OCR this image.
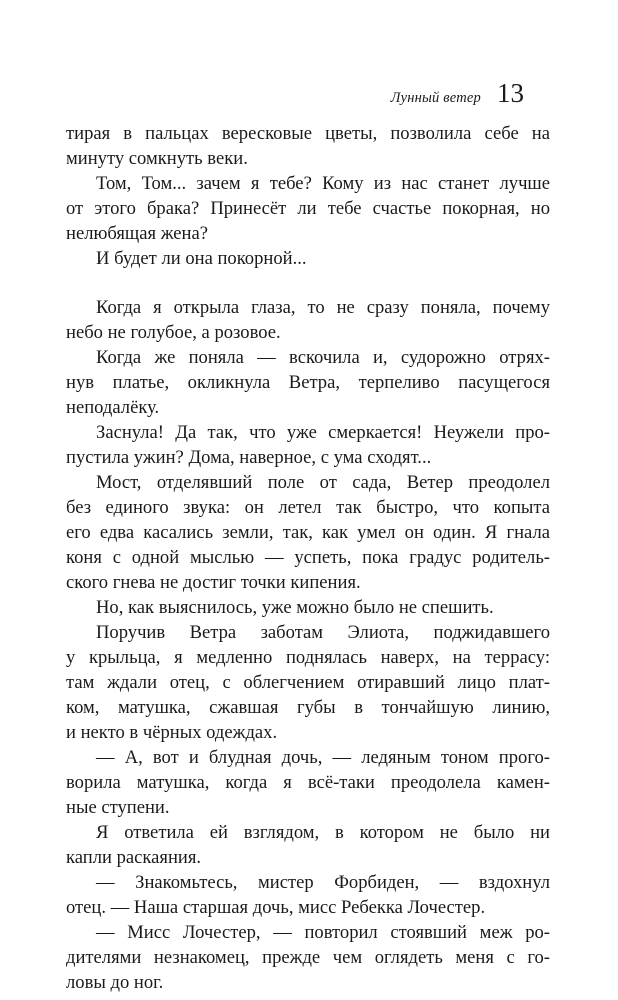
Лунный ветер 13
тирая в пальцах вересковые цветы, позволила себе на
минуту сомкнуть веки.
Том, Том... зачем я тебе? Кому из нас станет лучше
от этого брака? Принесёт ли тебе счастье покорная, но
нелюбящая жена?
И будет ли она покорной...
Когда я открыла глаза, то не сразу поняла, почему
небо не голубое, а розовое.
Когда же поняла — вскочила и, судорожно отрях-
нув платье, окликнула Ветра, терпеливо пасущегося
неподалёку.
Заснула! Да так, что уже смеркается! Неужели про-
пустила ужин? Дома, наверное, с ума сходят...
Мост, отделявший поле от сада, Ветер преодолел
без единого звука: он летел так быстро, что копыта
его едва касались земли, так, как умел он один. Я гнала
коня с одной мыслью — успеть, пока градус родитель-
ского гнева не достиг точки кипения.
Но, как выяснилось, уже можно было не спешить.
Поручив Ветра заботам Элиота, поджидавшего
у крыльца, я медленно поднялась наверх, на террасу:
там ждали отец, с облегчением отиравший лицо плат-
ком, матушка, сжавшая губы в тончайшую линию,
и некто в чёрных одеждах.
— А, вот и блудная дочь, — ледяным тоном прого-
ворила матушка, когда я всё-таки преодолела камен-
ные ступени.
Я ответила ей взглядом, в котором не было ни
капли раскаяния.
— Знакомьтесь, мистер Форбиден, — вздохнул
отец. — Наша старшая дочь, мисс Ребекка Лочестер.
— Мисс Лочестер, — повторил стоявший меж ро-
дителями незнакомец, прежде чем оглядеть меня с го-
ловы до ног.
